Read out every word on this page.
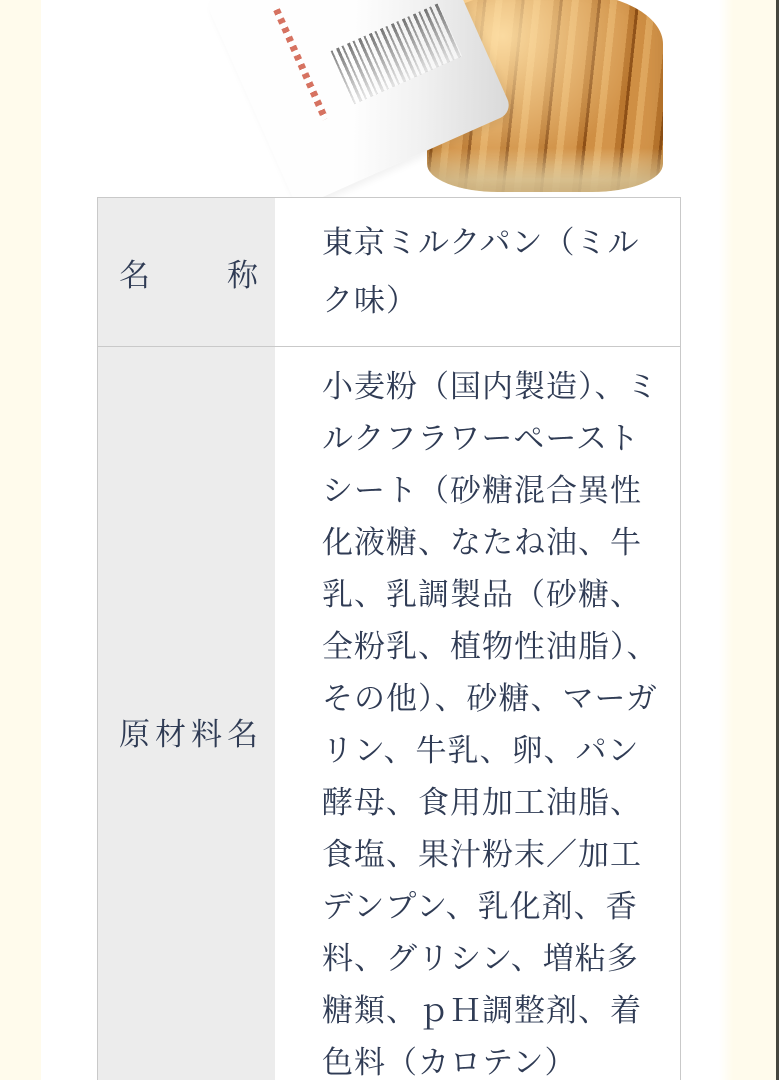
名称
東京ミルクパン（ミルク味）
原材料名
小麦粉（国内製造）、ミルクフラワーペーストシート（砂糖混合異性化液糖、なたね油、牛乳、乳調製品（砂糖、全粉乳、植物性油脂）、その他）、砂糖、マーガリン、牛乳、卵、パン酵母、食用加工油脂、食塩、果汁粉末／加工デンプン、乳化剤、香料、グリシン、増粘多糖類、ｐＨ調整剤、着色料（カロテン）
